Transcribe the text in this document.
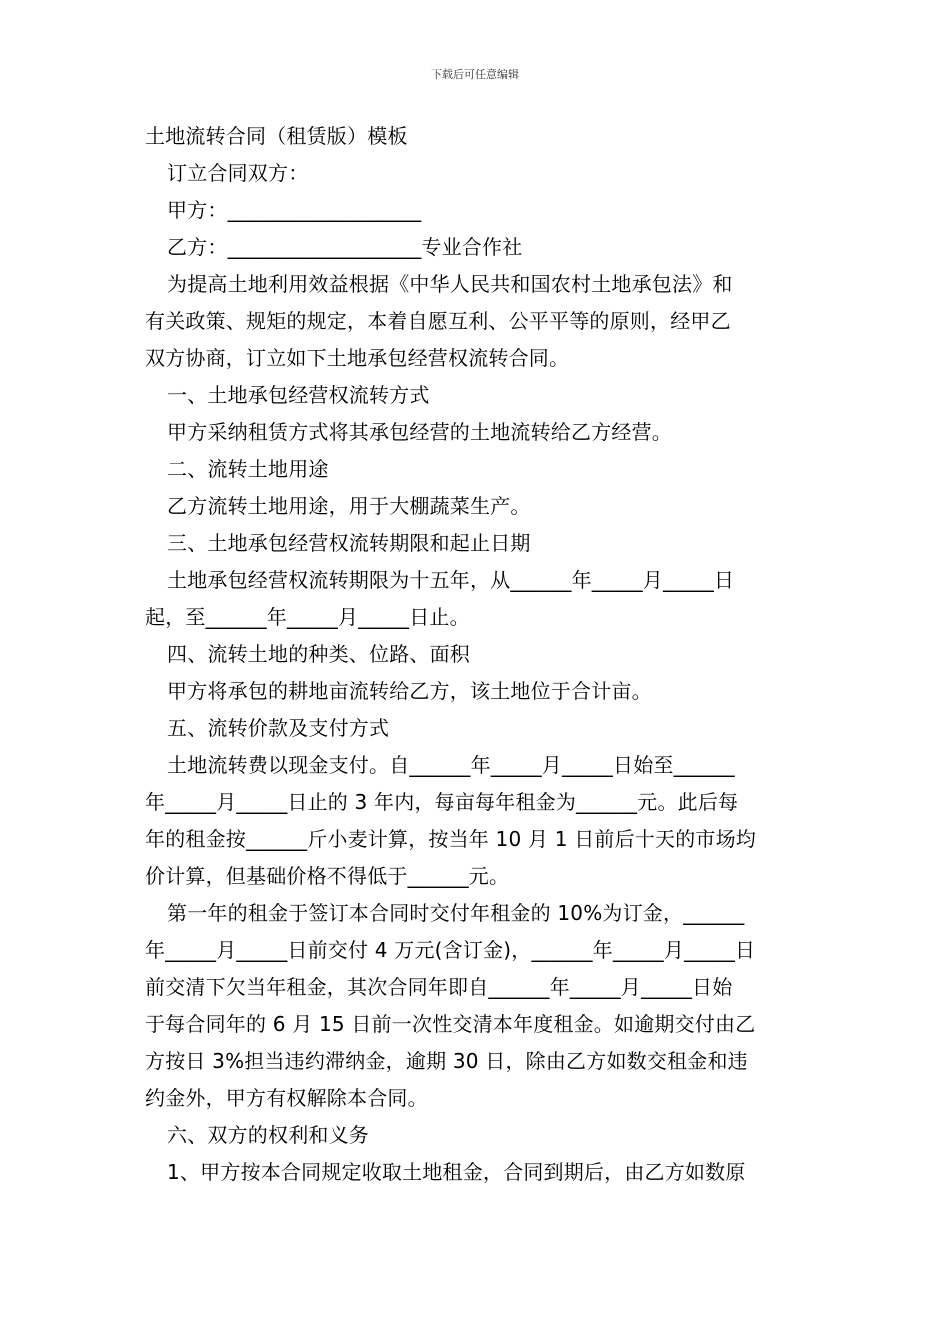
下载后可任意编辑

土地流转合同（租赁版）模板

订立合同双方：

甲方：___________________

乙方：___________________专业合作社

为提高土地利用效益根据《中华人民共和国农村土地承包法》和

有关政策、规矩的规定，本着自愿互利、公平平等的原则，经甲乙

双方协商，订立如下土地承包经营权流转合同。

一、土地承包经营权流转方式

甲方采纳租赁方式将其承包经营的土地流转给乙方经营。

二、流转土地用途

乙方流转土地用途，用于大棚蔬菜生产。

三、土地承包经营权流转期限和起止日期

土地承包经营权流转期限为十五年，从______年_____月_____日

起，至______年_____月_____日止。

四、流转土地的种类、位路、面积

甲方将承包的耕地亩流转给乙方，该土地位于合计亩。

五、流转价款及支付方式

土地流转费以现金支付。自______年_____月_____日始至______

年_____月_____日止的 3 年内，每亩每年租金为______元。此后每

年的租金按______斤小麦计算，按当年 10 月 1 日前后十天的市场均

价计算，但基础价格不得低于______元。

第一年的租金于签订本合同时交付年租金的 10%为订金，______

年_____月_____日前交付 4 万元(含订金)，______年_____月_____日

前交清下欠当年租金，其次合同年即自______年_____月_____日始

于每合同年的 6 月 15 日前一次性交清本年度租金。如逾期交付由乙

方按日 3%担当违约滞纳金，逾期 30 日，除由乙方如数交租金和违

约金外，甲方有权解除本合同。

六、双方的权利和义务

1、甲方按本合同规定收取土地租金，合同到期后，由乙方如数原
